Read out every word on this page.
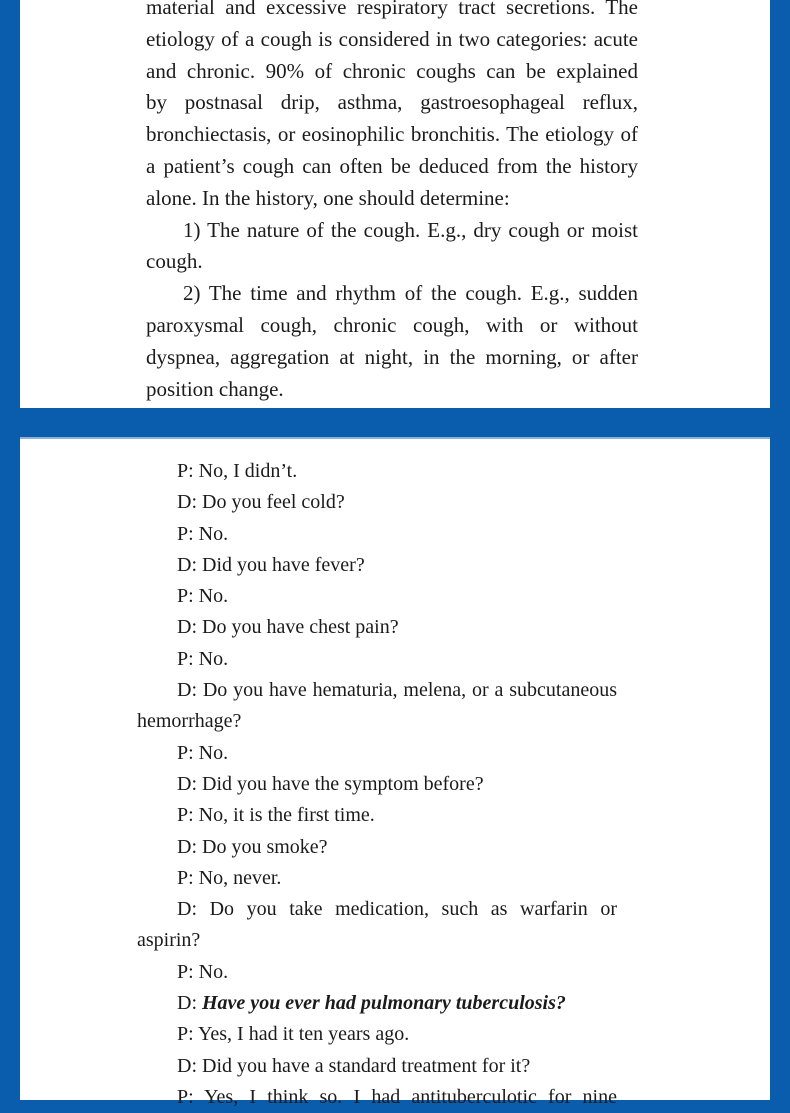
material and excessive respiratory tract secretions. The
etiology of a cough is considered in two categories: acute
and chronic. 90% of chronic coughs can be explained
by postnasal drip, asthma, gastroesophageal reflux,
bronchiectasis, or eosinophilic bronchitis. The etiology of
a patient’s cough can often be deduced from the history
alone. In the history, one should determine:
1) The nature of the cough. E.g., dry cough or moist
cough.
2) The time and rhythm of the cough. E.g., sudden
paroxysmal cough, chronic cough, with or without
dyspnea, aggregation at night, in the morning, or after
position change.
P: No, I didn’t.
D: Do you feel cold?
P: No.
D: Did you have fever?
P: No.
D: Do you have chest pain?
P: No.
D: Do you have hematuria, melena, or a subcutaneous
hemorrhage?
P: No.
D: Did you have the symptom before?
P: No, it is the first time.
D: Do you smoke?
P: No, never.
D: Do you take medication, such as warfarin or
aspirin?
P: No.
D: Have you ever had pulmonary tuberculosis?
P: Yes, I had it ten years ago.
D: Did you have a standard treatment for it?
P: Yes, I think so. I had antituberculotic for nine
